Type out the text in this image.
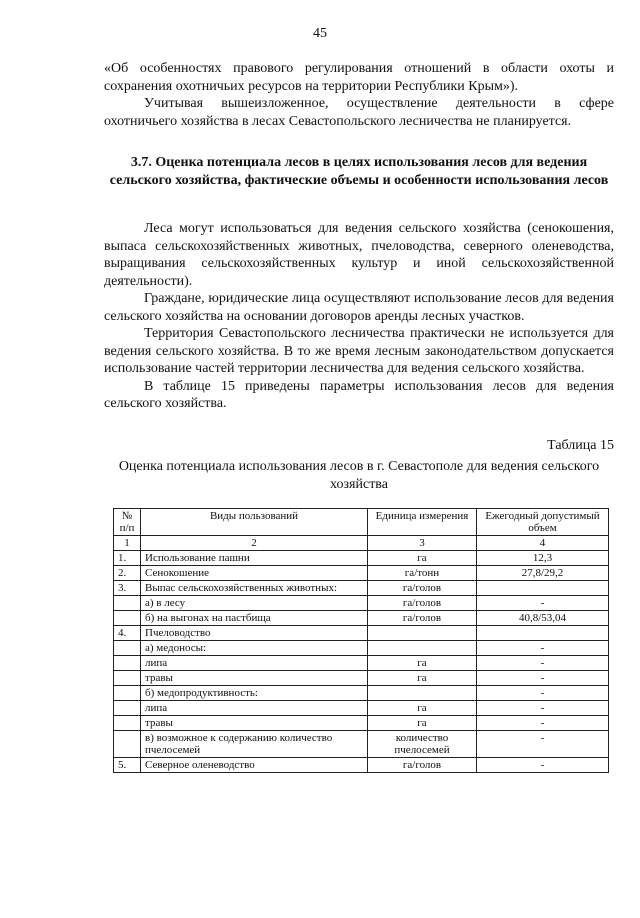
45

«Об особенностях правового регулирования отношений в области охоты и сохранения охотничьих ресурсов на территории Республики Крым»).

Учитывая вышеизложенное, осуществление деятельности в сфере охотничьего хозяйства в лесах Севастопольского лесничества не планируется.

3.7. Оценка потенциала лесов в целях использования лесов для ведения сельского хозяйства, фактические объемы и особенности использования лесов

Леса могут использоваться для ведения сельского хозяйства (сенокошения, выпаса сельскохозяйственных животных, пчеловодства, северного оленеводства, выращивания сельскохозяйственных культур и иной сельскохозяйственной деятельности).

Граждане, юридические лица осуществляют использование лесов для ведения сельского хозяйства на основании договоров аренды лесных участков.

Территория Севастопольского лесничества практически не используется для ведения сельского хозяйства. В то же время лесным законодательством допускается использование частей территории лесничества для ведения сельского хозяйства.

В таблице 15 приведены параметры использования лесов для ведения сельского хозяйства.

Таблица 15
Оценка потенциала использования лесов в г. Севастополе для ведения сельского хозяйства
№ п/п	Виды пользований	Единица измерения	Ежегодный допустимый объем
1	2	3	4
1.	Использование пашни	га	12,3
2.	Сенокошение	га/тонн	27,8/29,2
3.	Выпас сельскохозяйственных животных:	га/голов	
	а) в лесу	га/голов	-
	б) на выгонах на пастбища	га/голов	40,8/53,04
4.	Пчеловодство		
	а) медоносы:		-
	липа	га	-
	травы	га	-
	б) медопродуктивность:		-
	липа	га	-
	травы	га	-
	в) возможное к содержанию количество пчелосемей	количество пчелосемей	-
5.	Северное оленеводство	га/голов	-
